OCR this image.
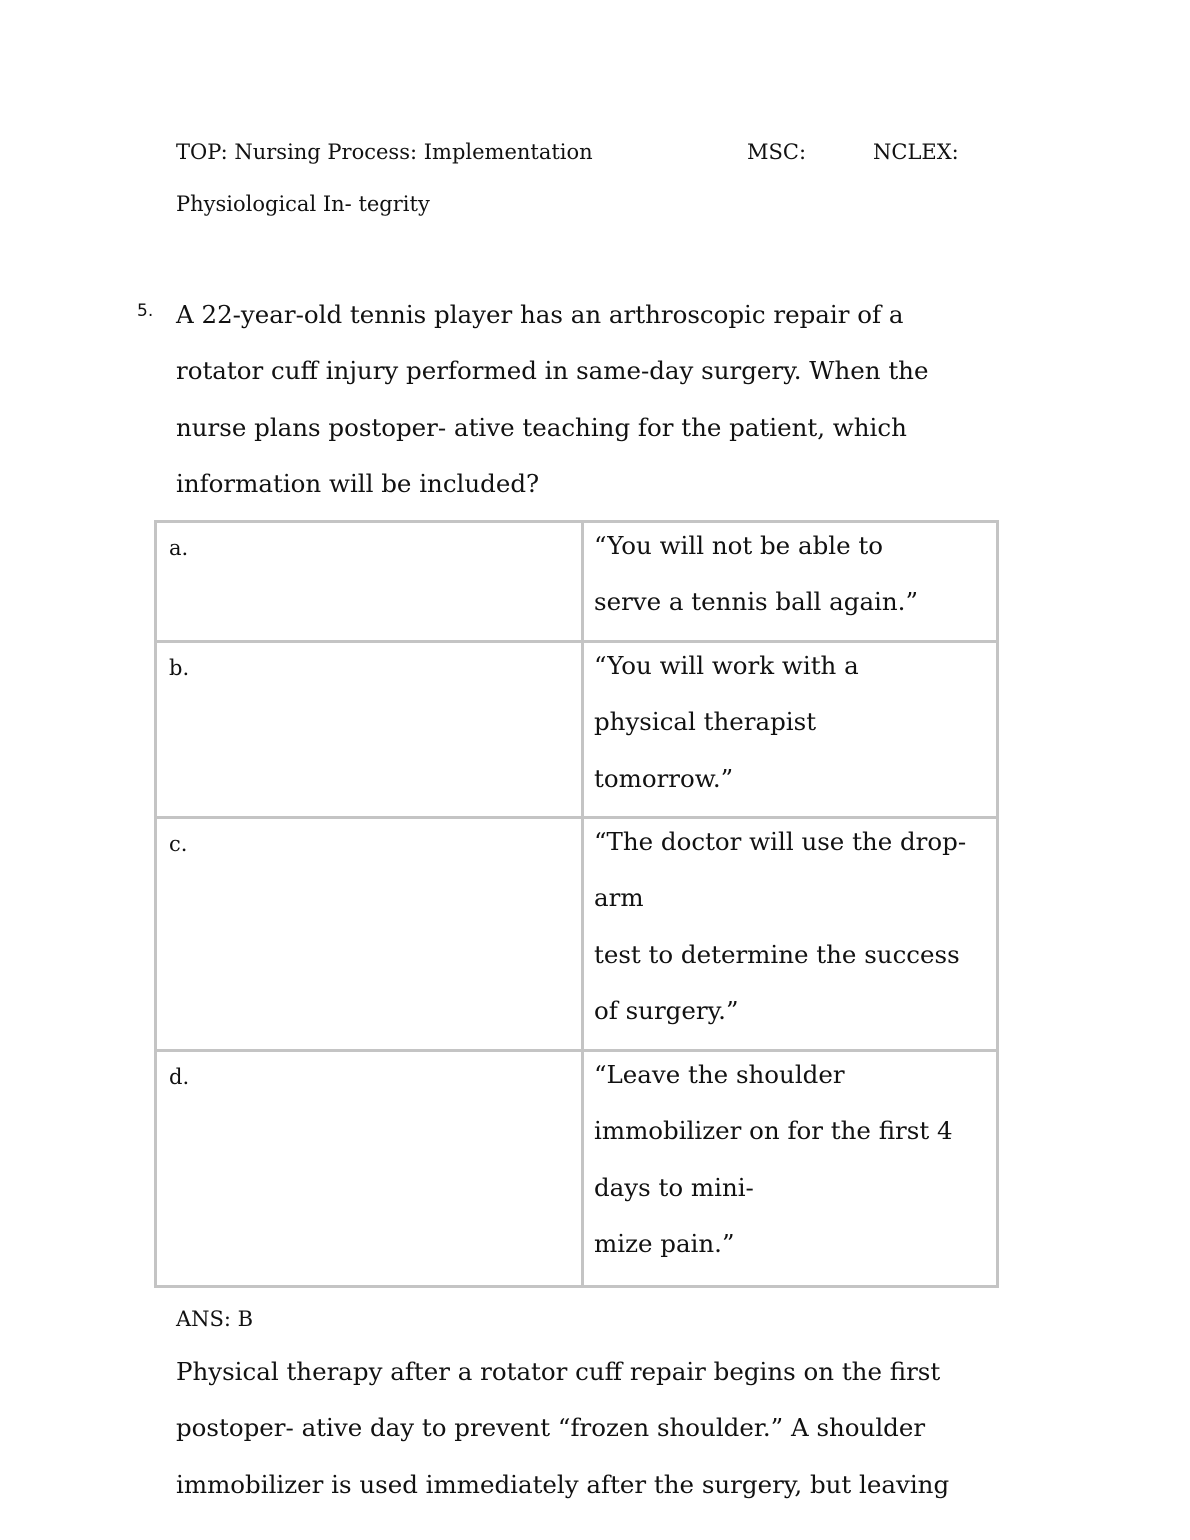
TOP: Nursing Process: Implementation	MSC:	NCLEX:
Physiological In- tegrity
5. A 22-year-old tennis player has an arthroscopic repair of a
rotator cuff injury performed in same-day surgery. When the
nurse plans postoper- ative teaching for the patient, which
information will be included?

a.	“You will not be able to
serve a tennis ball again.”

b.	“You will work with a
physical therapist
tomorrow.”

c.	“The doctor will use the drop-
arm
test to determine the success
of surgery.”

d.	“Leave the shoulder
immobilizer on for the first 4
days to mini-
mize pain.”
ANS: B

Physical therapy after a rotator cuff repair begins on the first
postoper- ative day to prevent “frozen shoulder.” A shoulder
immobilizer is used immediately after the surgery, but leaving
